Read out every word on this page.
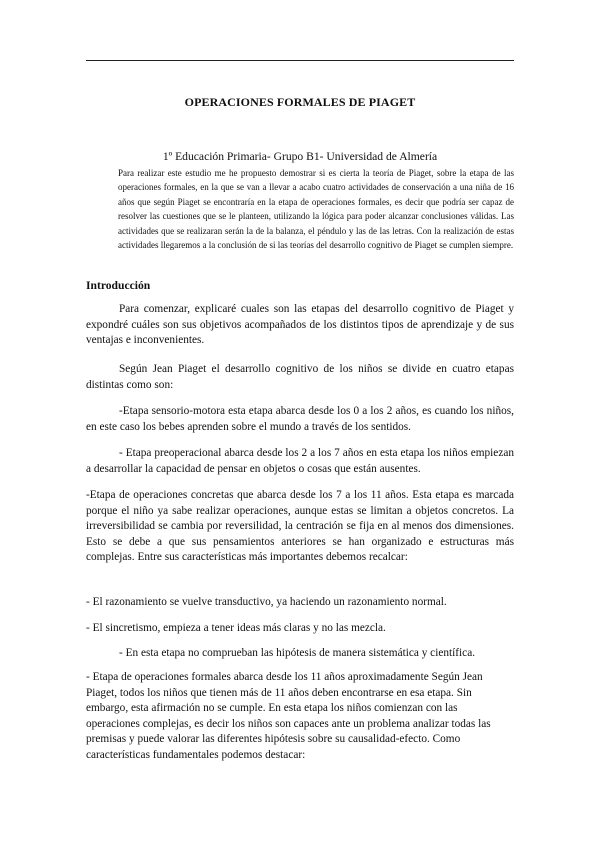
OPERACIONES FORMALES DE PIAGET
1º Educación Primaria- Grupo B1- Universidad de Almería

Para realizar este estudio me he propuesto demostrar si es cierta la teoría de Piaget, sobre la etapa de las operaciones formales, en la que se van a llevar a acabo cuatro actividades de conservación a una niña de 16 años que según Piaget se encontraría en la etapa de operaciones formales, es decir que podría ser capaz de resolver las cuestiones que se le planteen, utilizando la lógica para poder alcanzar conclusiones válidas. Las actividades que se realizaran serán la de la balanza, el péndulo y las de las letras. Con la realización de estas actividades llegaremos a la conclusión de si las teorías del desarrollo cognitivo de Piaget se cumplen siempre.

Introducción

Para comenzar, explicaré cuales son las etapas del desarrollo cognitivo de Piaget y expondré cuáles son sus objetivos acompañados de los distintos tipos de aprendizaje y de sus ventajas e inconvenientes.

Según Jean Piaget el desarrollo cognitivo de los niños se divide en cuatro etapas distintas como son:

-Etapa sensorio-motora esta etapa abarca desde los 0 a los 2 años, es cuando los niños, en este caso los bebes aprenden sobre el mundo a través de los sentidos.

- Etapa preoperacional abarca desde los 2 a los 7 años en esta etapa los niños empiezan a desarrollar la capacidad de pensar en objetos o cosas que están ausentes.

-Etapa de operaciones concretas que abarca desde los 7 a los 11 años. Esta etapa es marcada porque el niño ya sabe realizar operaciones, aunque estas se limitan a objetos concretos. La irreversibilidad se cambia por reversilidad, la centración se fija en al menos dos dimensiones. Esto se debe a que sus pensamientos anteriores se han organizado e estructuras más complejas. Entre sus características más importantes debemos recalcar:

- El razonamiento se vuelve transductivo, ya haciendo un razonamiento normal.

- El sincretismo, empieza a tener ideas más claras y no las mezcla.

- En esta etapa no comprueban las hipótesis de manera sistemática y científica.

- Etapa de operaciones formales abarca desde los 11 años aproximadamente Según Jean Piaget, todos los niños que tienen más de 11 años deben encontrarse en esa etapa. Sin embargo, esta afirmación no se cumple. En esta etapa los niños comienzan con las operaciones complejas, es decir los niños son capaces ante un problema analizar todas las premisas y puede valorar las diferentes hipótesis sobre su causalidad-efecto. Como características fundamentales podemos destacar:
